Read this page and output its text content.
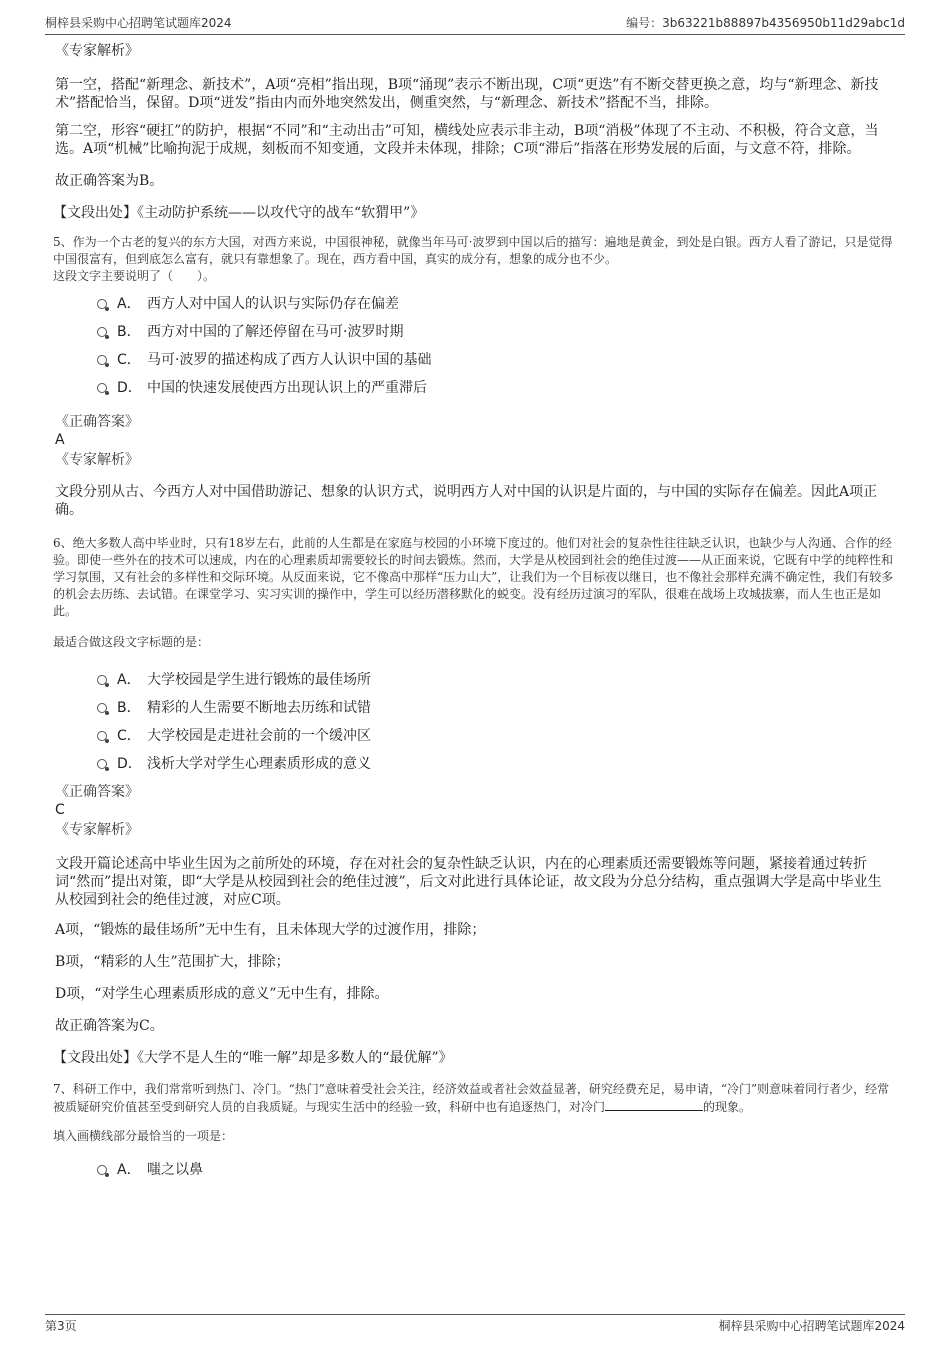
桐梓县采购中心招聘笔试题库2024	编号：3b63221b88897b4356950b11d29abc1d

《专家解析》

第一空，搭配“新理念、新技术”，A项“亮相”指出现，B项“涌现”表示不断出现，C项“更迭”有不断交替更换之意，均与“新理念、新技术”搭配恰当，保留。D项“迸发”指由内而外地突然发出，侧重突然，与“新理念、新技术”搭配不当，排除。

第二空，形容“硬扛”的防护，根据“不同”和“主动出击”可知，横线处应表示非主动，B项“消极”体现了不主动、不积极，符合文意，当选。A项“机械”比喻拘泥于成规，刻板而不知变通，文段并未体现，排除；C项“滞后”指落在形势发展的后面，与文意不符，排除。

故正确答案为B。

【文段出处】《主动防护系统——以攻代守的战车“软猬甲”》

5、作为一个古老的复兴的东方大国，对西方来说，中国很神秘，就像当年马可·波罗到中国以后的描写：遍地是黄金，到处是白银。西方人看了游记，只是觉得中国很富有，但到底怎么富有，就只有靠想象了。现在，西方看中国，真实的成分有，想象的成分也不少。

这段文字主要说明了（　　）。

A． 西方人对中国人的认识与实际仍存在偏差
B． 西方对中国的了解还停留在马可·波罗时期
C． 马可·波罗的描述构成了西方人认识中国的基础
D． 中国的快速发展使西方出现认识上的严重滞后

《正确答案》

A

《专家解析》

文段分别从古、今西方人对中国借助游记、想象的认识方式，说明西方人对中国的认识是片面的，与中国的实际存在偏差。因此A项正确。

6、绝大多数人高中毕业时，只有18岁左右，此前的人生都是在家庭与校园的小环境下度过的。他们对社会的复杂性往往缺乏认识，也缺少与人沟通、合作的经验。即使一些外在的技术可以速成，内在的心理素质却需要较长的时间去锻炼。然而，大学是从校园到社会的绝佳过渡——从正面来说，它既有中学的纯粹性和学习氛围，又有社会的多样性和交际环境。从反面来说，它不像高中那样“压力山大”，让我们为一个目标夜以继日，也不像社会那样充满不确定性，我们有较多的机会去历练、去试错。在课堂学习、实习实训的操作中，学生可以经历潜移默化的蜕变。没有经历过演习的军队，很难在战场上攻城拔寨，而人生也正是如此。

最适合做这段文字标题的是：

A． 大学校园是学生进行锻炼的最佳场所
B． 精彩的人生需要不断地去历练和试错
C． 大学校园是走进社会前的一个缓冲区
D． 浅析大学对学生心理素质形成的意义

《正确答案》

C

《专家解析》

文段开篇论述高中毕业生因为之前所处的环境，存在对社会的复杂性缺乏认识，内在的心理素质还需要锻炼等问题，紧接着通过转折词“然而”提出对策，即“大学是从校园到社会的绝佳过渡”，后文对此进行具体论证，故文段为分总分结构，重点强调大学是高中毕业生从校园到社会的绝佳过渡，对应C项。

A项，“锻炼的最佳场所”无中生有，且未体现大学的过渡作用，排除；

B项，“精彩的人生”范围扩大，排除；

D项，“对学生心理素质形成的意义”无中生有，排除。

故正确答案为C。

【文段出处】《大学不是人生的“唯一解”却是多数人的“最优解”》

7、科研工作中，我们常常听到热门、冷门。“热门”意味着受社会关注，经济效益或者社会效益显著，研究经费充足，易申请，“冷门”则意味着同行者少，经常被质疑研究价值甚至受到研究人员的自我质疑。与现实生活中的经验一致，科研中也有追逐热门，对冷门	的现象。

填入画横线部分最恰当的一项是：

A． 嗤之以鼻
第3页	桐梓县采购中心招聘笔试题库2024
